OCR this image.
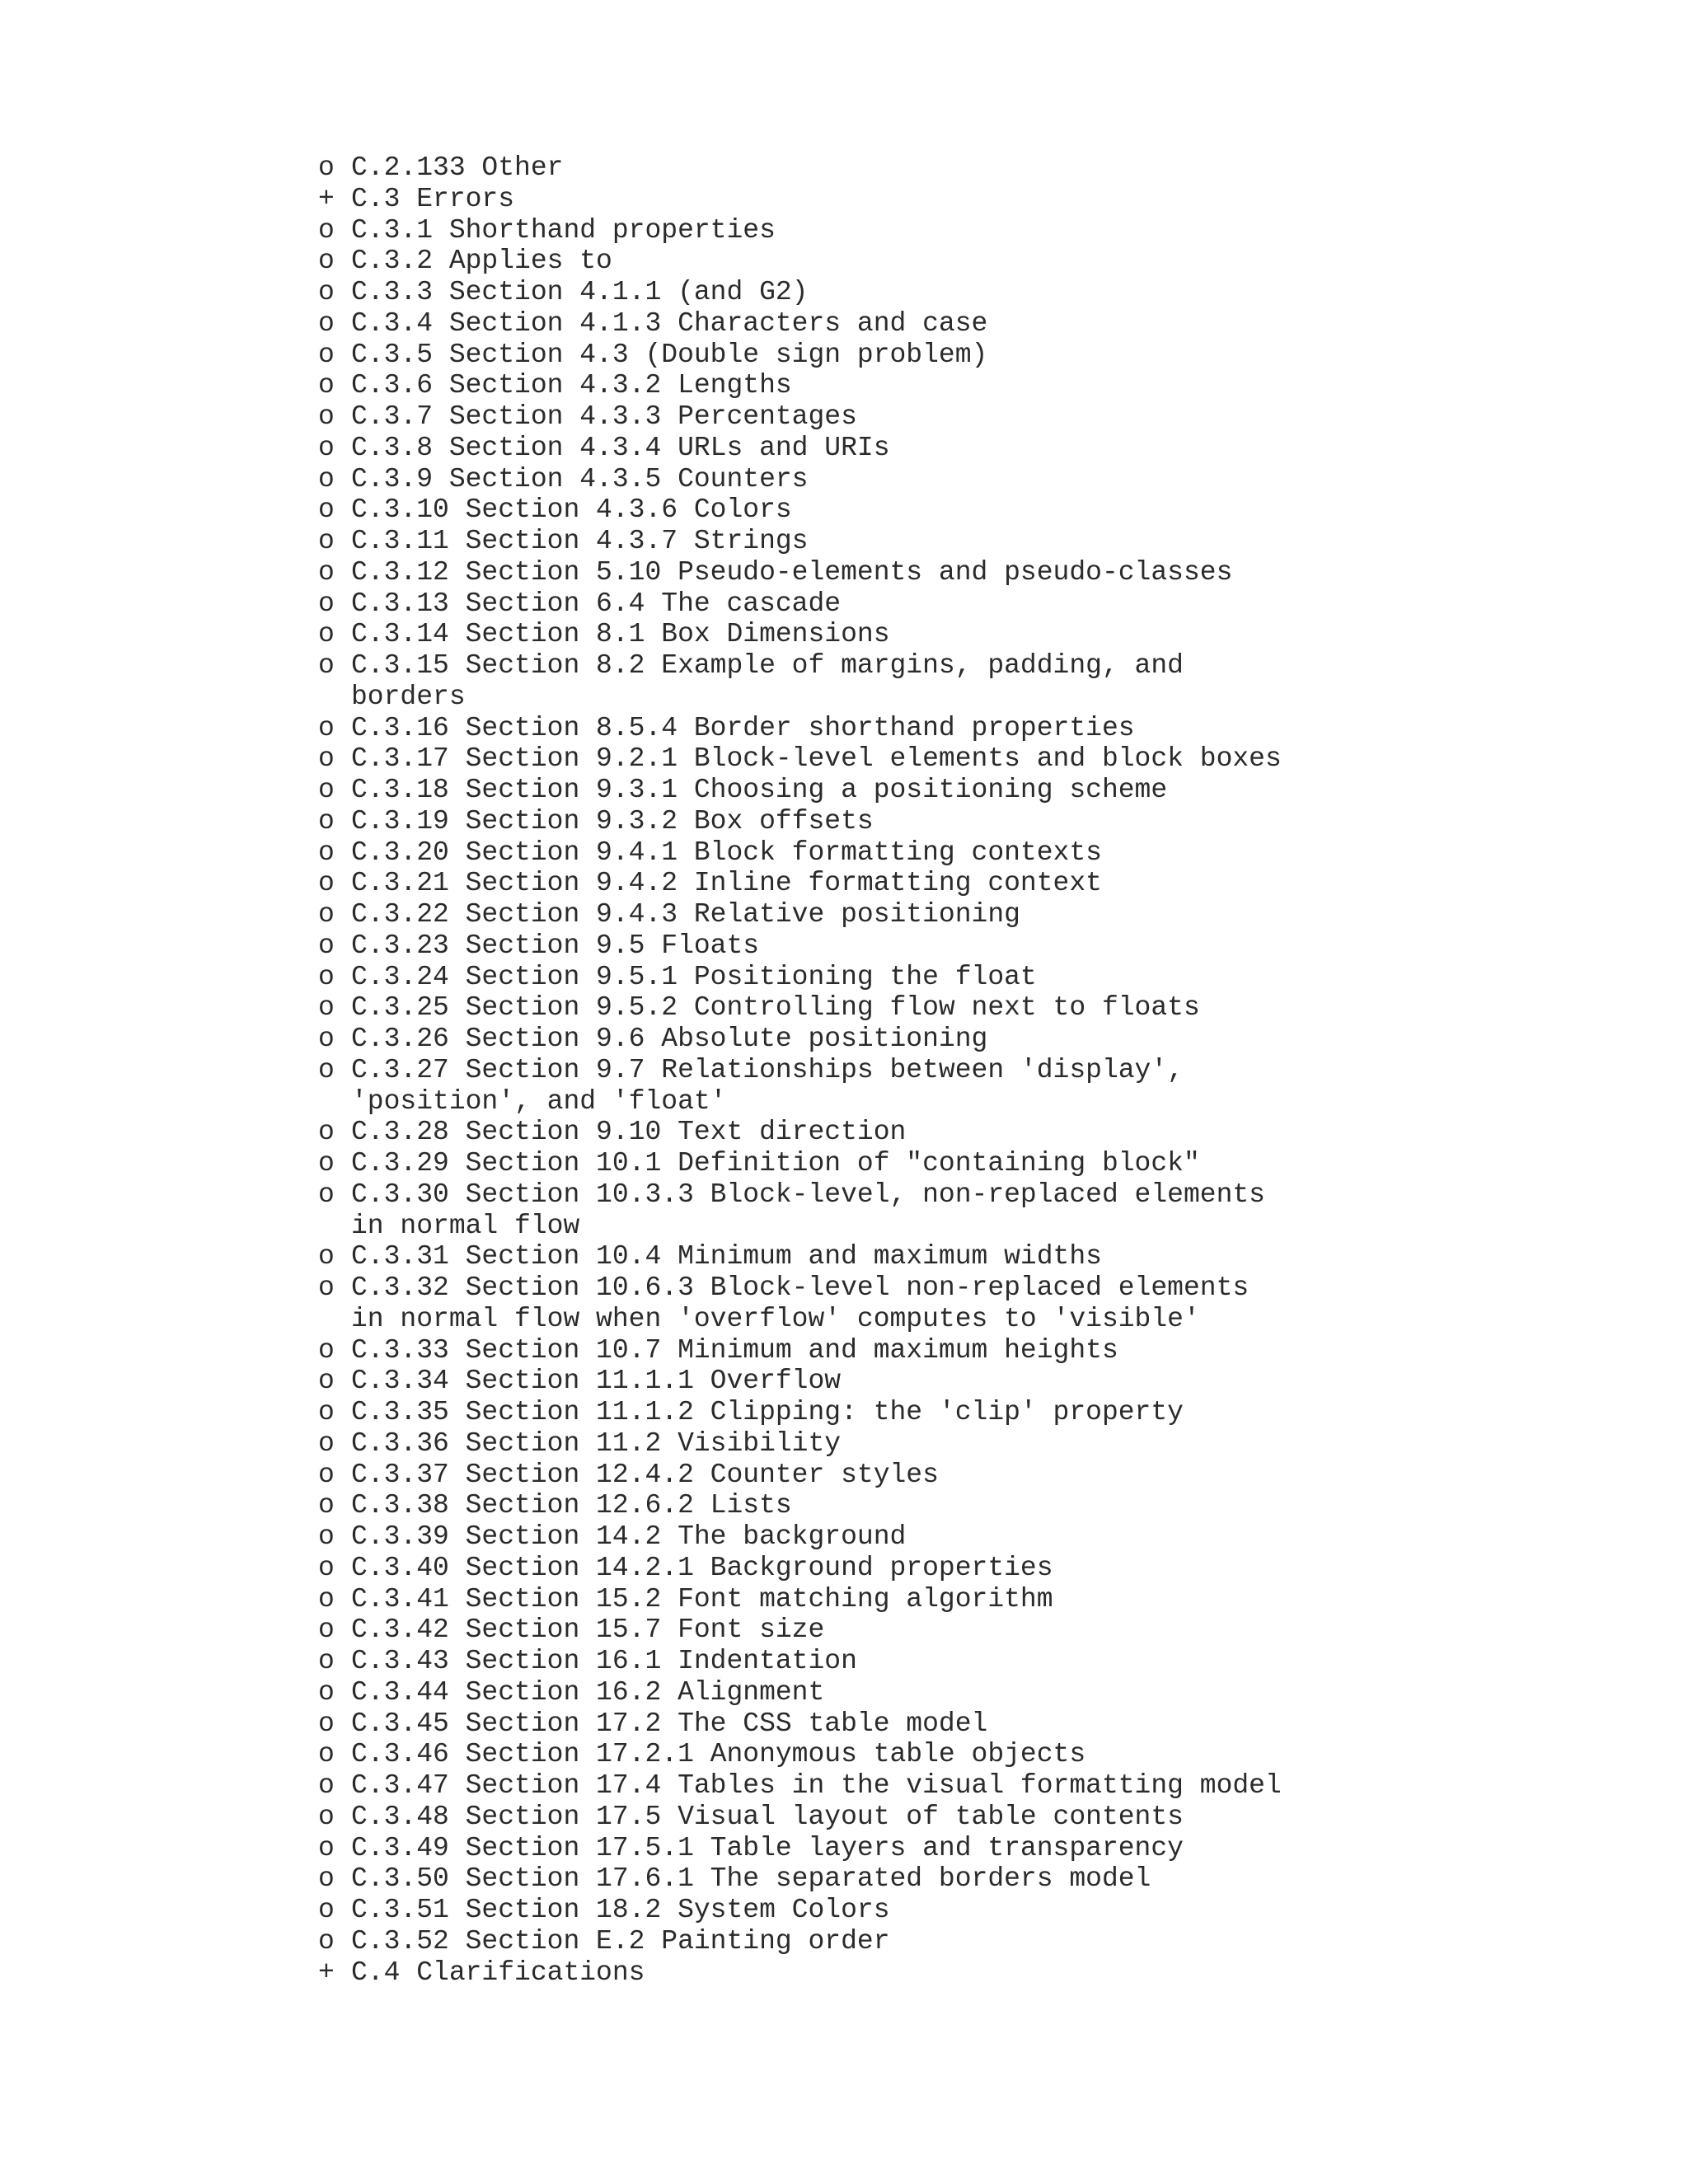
o C.2.133 Other
+ C.3 Errors
o C.3.1 Shorthand properties
o C.3.2 Applies to
o C.3.3 Section 4.1.1 (and G2)
o C.3.4 Section 4.1.3 Characters and case
o C.3.5 Section 4.3 (Double sign problem)
o C.3.6 Section 4.3.2 Lengths
o C.3.7 Section 4.3.3 Percentages
o C.3.8 Section 4.3.4 URLs and URIs
o C.3.9 Section 4.3.5 Counters
o C.3.10 Section 4.3.6 Colors
o C.3.11 Section 4.3.7 Strings
o C.3.12 Section 5.10 Pseudo-elements and pseudo-classes
o C.3.13 Section 6.4 The cascade
o C.3.14 Section 8.1 Box Dimensions
o C.3.15 Section 8.2 Example of margins, padding, and
borders
o C.3.16 Section 8.5.4 Border shorthand properties
o C.3.17 Section 9.2.1 Block-level elements and block boxes
o C.3.18 Section 9.3.1 Choosing a positioning scheme
o C.3.19 Section 9.3.2 Box offsets
o C.3.20 Section 9.4.1 Block formatting contexts
o C.3.21 Section 9.4.2 Inline formatting context
o C.3.22 Section 9.4.3 Relative positioning
o C.3.23 Section 9.5 Floats
o C.3.24 Section 9.5.1 Positioning the float
o C.3.25 Section 9.5.2 Controlling flow next to floats
o C.3.26 Section 9.6 Absolute positioning
o C.3.27 Section 9.7 Relationships between 'display',
'position', and 'float'
o C.3.28 Section 9.10 Text direction
o C.3.29 Section 10.1 Definition of "containing block"
o C.3.30 Section 10.3.3 Block-level, non-replaced elements
in normal flow
o C.3.31 Section 10.4 Minimum and maximum widths
o C.3.32 Section 10.6.3 Block-level non-replaced elements
in normal flow when 'overflow' computes to 'visible'
o C.3.33 Section 10.7 Minimum and maximum heights
o C.3.34 Section 11.1.1 Overflow
o C.3.35 Section 11.1.2 Clipping: the 'clip' property
o C.3.36 Section 11.2 Visibility
o C.3.37 Section 12.4.2 Counter styles
o C.3.38 Section 12.6.2 Lists
o C.3.39 Section 14.2 The background
o C.3.40 Section 14.2.1 Background properties
o C.3.41 Section 15.2 Font matching algorithm
o C.3.42 Section 15.7 Font size
o C.3.43 Section 16.1 Indentation
o C.3.44 Section 16.2 Alignment
o C.3.45 Section 17.2 The CSS table model
o C.3.46 Section 17.2.1 Anonymous table objects
o C.3.47 Section 17.4 Tables in the visual formatting model
o C.3.48 Section 17.5 Visual layout of table contents
o C.3.49 Section 17.5.1 Table layers and transparency
o C.3.50 Section 17.6.1 The separated borders model
o C.3.51 Section 18.2 System Colors
o C.3.52 Section E.2 Painting order
+ C.4 Clarifications
